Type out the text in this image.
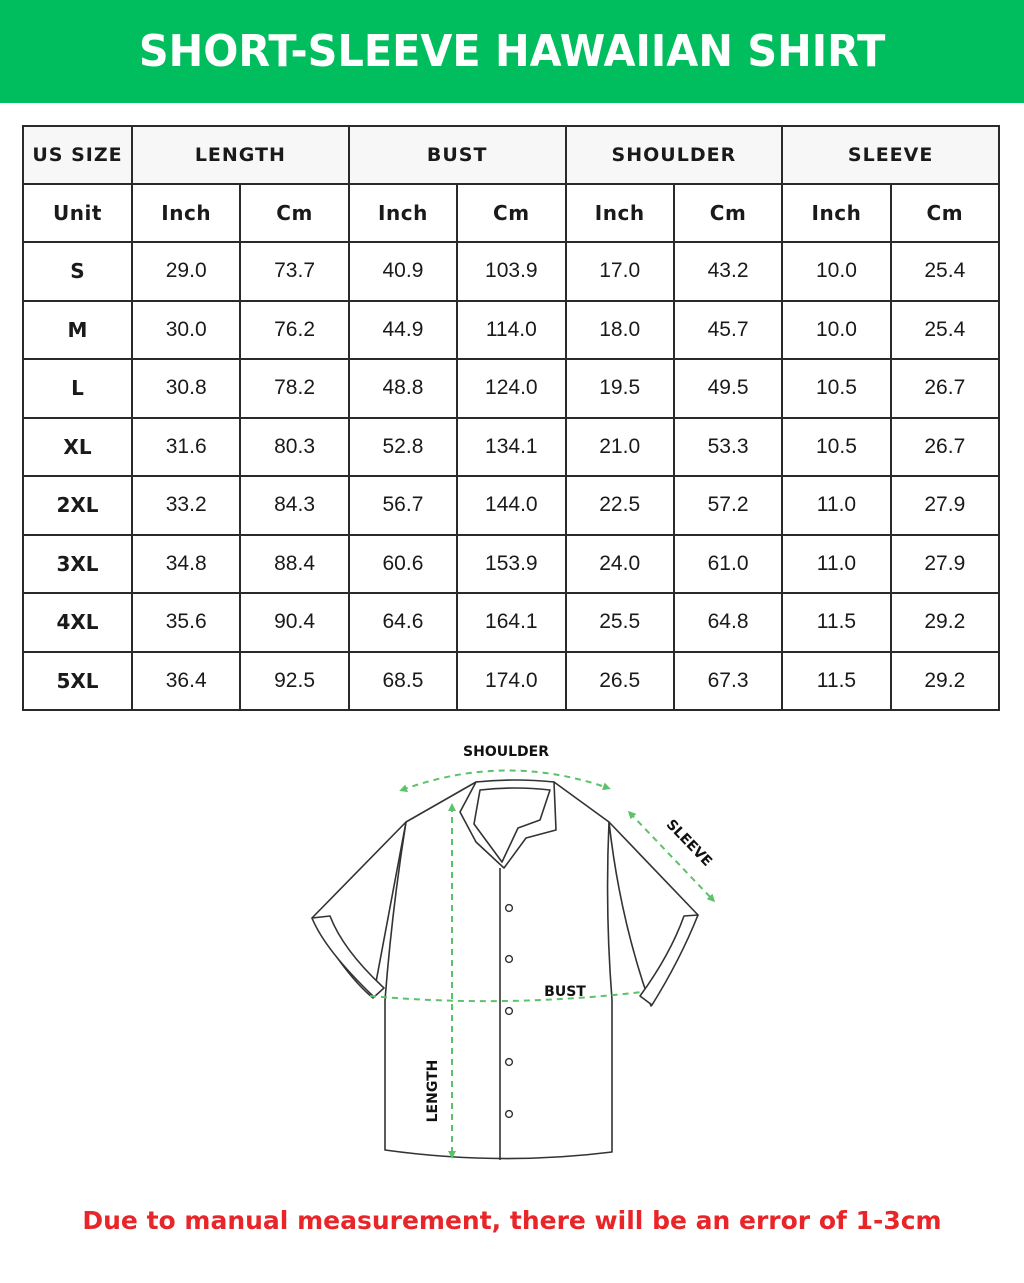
SHORT-SLEEVE HAWAIIAN SHIRT
US SIZE	LENGTH		BUST		SHOULDER		SLEEVE	
Unit	Inch	Cm	Inch	Cm	Inch	Cm	Inch	Cm
S	29.0	73.7	40.9	103.9	17.0	43.2	10.0	25.4
M	30.0	76.2	44.9	114.0	18.0	45.7	10.0	25.4
L	30.8	78.2	48.8	124.0	19.5	49.5	10.5	26.7
XL	31.6	80.3	52.8	134.1	21.0	53.3	10.5	26.7
2XL	33.2	84.3	56.7	144.0	22.5	57.2	11.0	27.9
3XL	34.8	88.4	60.6	153.9	24.0	61.0	11.0	27.9
4XL	35.6	90.4	64.6	164.1	25.5	64.8	11.5	29.2
5XL	36.4	92.5	68.5	174.0	26.5	67.3	11.5	29.2
SHOULDER
SLEEVE
BUST
LENGTH
Due to manual measurement, there will be an error of 1-3cm
